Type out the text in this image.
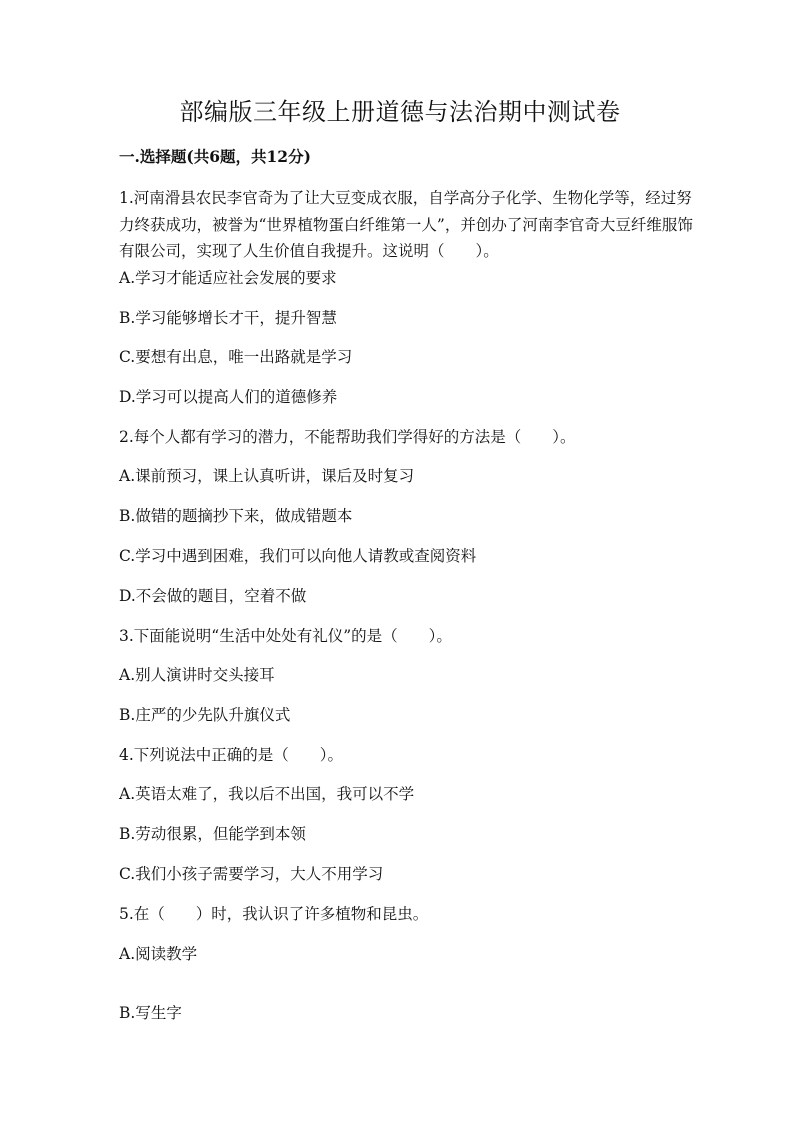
部编版三年级上册道德与法治期中测试卷
一.选择题(共6题，共12分)
1.河南滑县农民李官奇为了让大豆变成衣服，自学高分子化学、生物化学等，经过努力终获成功，被誉为“世界植物蛋白纤维第一人”，并创办了河南李官奇大豆纤维服饰有限公司，实现了人生价值自我提升。这说明（　　）。
A.学习才能适应社会发展的要求
B.学习能够增长才干，提升智慧
C.要想有出息，唯一出路就是学习
D.学习可以提高人们的道德修养
2.每个人都有学习的潜力，不能帮助我们学得好的方法是（　　）。
A.课前预习，课上认真听讲，课后及时复习
B.做错的题摘抄下来，做成错题本
C.学习中遇到困难，我们可以向他人请教或查阅资料
D.不会做的题目，空着不做
3.下面能说明“生活中处处有礼仪”的是（　　）。
A.别人演讲时交头接耳
B.庄严的少先队升旗仪式
4.下列说法中正确的是（　　）。
A.英语太难了，我以后不出国，我可以不学
B.劳动很累，但能学到本领
C.我们小孩子需要学习，大人不用学习
5.在（　　）时，我认识了许多植物和昆虫。
A.阅读教学
B.写生字
